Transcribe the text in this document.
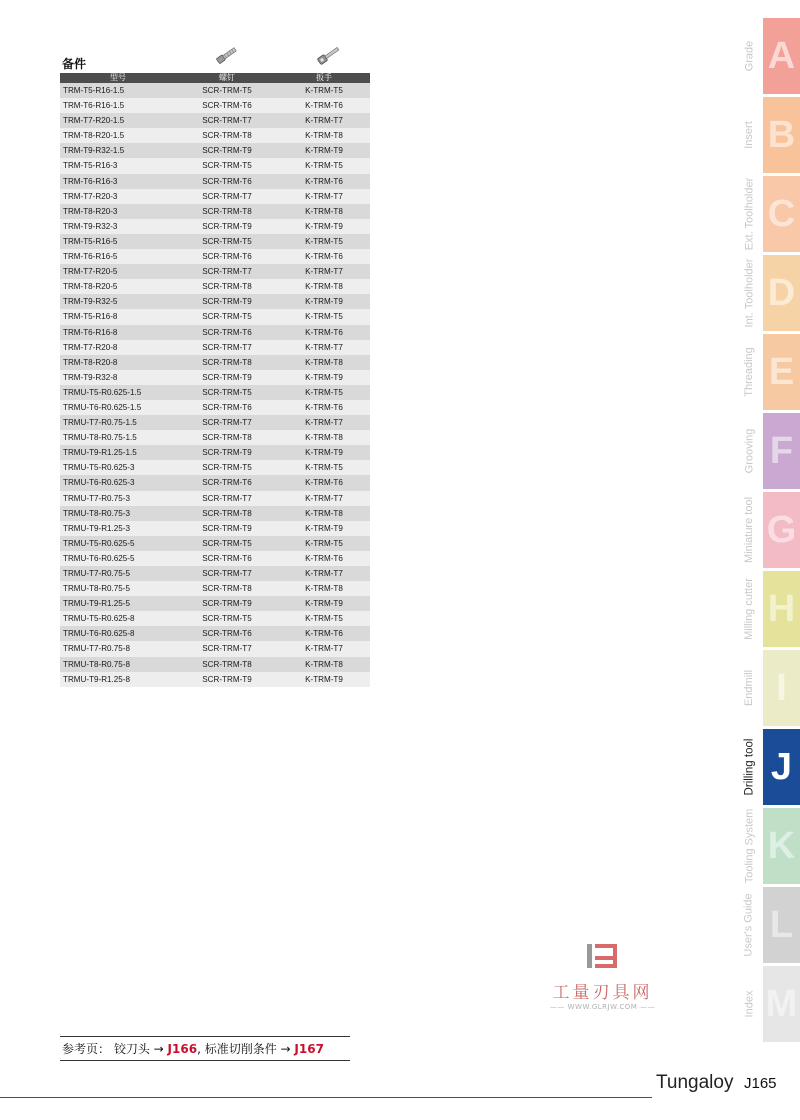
备件
型号	螺钉	扳手
TRM-T5-R16-1.5	SCR-TRM-T5	K-TRM-T5
TRM-T6-R16-1.5	SCR-TRM-T6	K-TRM-T6
TRM-T7-R20-1.5	SCR-TRM-T7	K-TRM-T7
TRM-T8-R20-1.5	SCR-TRM-T8	K-TRM-T8
TRM-T9-R32-1.5	SCR-TRM-T9	K-TRM-T9
TRM-T5-R16-3	SCR-TRM-T5	K-TRM-T5
TRM-T6-R16-3	SCR-TRM-T6	K-TRM-T6
TRM-T7-R20-3	SCR-TRM-T7	K-TRM-T7
TRM-T8-R20-3	SCR-TRM-T8	K-TRM-T8
TRM-T9-R32-3	SCR-TRM-T9	K-TRM-T9
TRM-T5-R16-5	SCR-TRM-T5	K-TRM-T5
TRM-T6-R16-5	SCR-TRM-T6	K-TRM-T6
TRM-T7-R20-5	SCR-TRM-T7	K-TRM-T7
TRM-T8-R20-5	SCR-TRM-T8	K-TRM-T8
TRM-T9-R32-5	SCR-TRM-T9	K-TRM-T9
TRM-T5-R16-8	SCR-TRM-T5	K-TRM-T5
TRM-T6-R16-8	SCR-TRM-T6	K-TRM-T6
TRM-T7-R20-8	SCR-TRM-T7	K-TRM-T7
TRM-T8-R20-8	SCR-TRM-T8	K-TRM-T8
TRM-T9-R32-8	SCR-TRM-T9	K-TRM-T9
TRMU-T5-R0.625-1.5	SCR-TRM-T5	K-TRM-T5
TRMU-T6-R0.625-1.5	SCR-TRM-T6	K-TRM-T6
TRMU-T7-R0.75-1.5	SCR-TRM-T7	K-TRM-T7
TRMU-T8-R0.75-1.5	SCR-TRM-T8	K-TRM-T8
TRMU-T9-R1.25-1.5	SCR-TRM-T9	K-TRM-T9
TRMU-T5-R0.625-3	SCR-TRM-T5	K-TRM-T5
TRMU-T6-R0.625-3	SCR-TRM-T6	K-TRM-T6
TRMU-T7-R0.75-3	SCR-TRM-T7	K-TRM-T7
TRMU-T8-R0.75-3	SCR-TRM-T8	K-TRM-T8
TRMU-T9-R1.25-3	SCR-TRM-T9	K-TRM-T9
TRMU-T5-R0.625-5	SCR-TRM-T5	K-TRM-T5
TRMU-T6-R0.625-5	SCR-TRM-T6	K-TRM-T6
TRMU-T7-R0.75-5	SCR-TRM-T7	K-TRM-T7
TRMU-T8-R0.75-5	SCR-TRM-T8	K-TRM-T8
TRMU-T9-R1.25-5	SCR-TRM-T9	K-TRM-T9
TRMU-T5-R0.625-8	SCR-TRM-T5	K-TRM-T5
TRMU-T6-R0.625-8	SCR-TRM-T6	K-TRM-T6
TRMU-T7-R0.75-8	SCR-TRM-T7	K-TRM-T7
TRMU-T8-R0.75-8	SCR-TRM-T8	K-TRM-T8
TRMU-T9-R1.25-8	SCR-TRM-T9	K-TRM-T9
Grade A
Insert B
Ext. Toolholder C
Int. Toolholder D
Threading E
Grooving F
Miniature tool G
Milling cutter H
Endmill I
Drilling tool J
Tooling System K
User's Guide L
Index M
工量刃具网
—— WWW.GLRJW.COM ——
参考页： 铰刀头 → J166, 标准切削条件 → J167
Tungaloy J165
